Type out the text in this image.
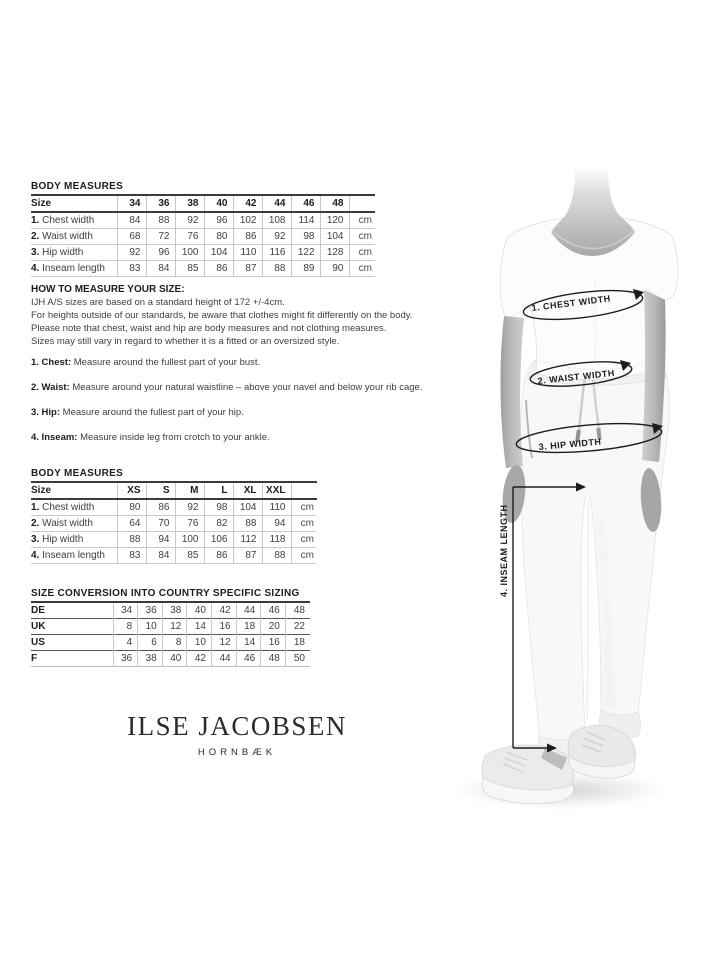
BODY MEASURES
Size	34	36	38	40	42	44	46	48	
1. Chest width	84	88	92	96	102	108	114	120	cm
2. Waist width	68	72	76	80	86	92	98	104	cm
3. Hip width	92	96	100	104	110	116	122	128	cm
4. Inseam length	83	84	85	86	87	88	89	90	cm
HOW TO MEASURE YOUR SIZE:
IJH A/S sizes are based on a standard height of 172 +/-4cm.
For heights outside of our standards, be aware that clothes might fit differently on the body.
Please note that chest, waist and hip are body measures and not clothing measures.
Sizes may still vary in regard to whether it is a fitted or an oversized style.
1. Chest: Measure around the fullest part of your bust.
2. Waist: Measure around your natural waistline – above your navel and below your rib cage.
3. Hip: Measure around the fullest part of your hip.
4. Inseam: Measure inside leg from crotch to your ankle.
BODY MEASURES
Size	XS	S	M	L	XL	XXL	
1. Chest width	80	86	92	98	104	110	cm
2. Waist width	64	70	76	82	88	94	cm
3. Hip width	88	94	100	106	112	118	cm
4. Inseam length	83	84	85	86	87	88	cm
SIZE CONVERSION INTO COUNTRY SPECIFIC SIZING
DE	34	36	38	40	42	44	46	48
UK	8	10	12	14	16	18	20	22
US	4	6	8	10	12	14	16	18
F	36	38	40	42	44	46	48	50
ILSE JACOBSEN
HORNBÆK
1. CHEST WIDTH
2. WAIST WIDTH
3. HIP WIDTH
4. INSEAM LENGTH
